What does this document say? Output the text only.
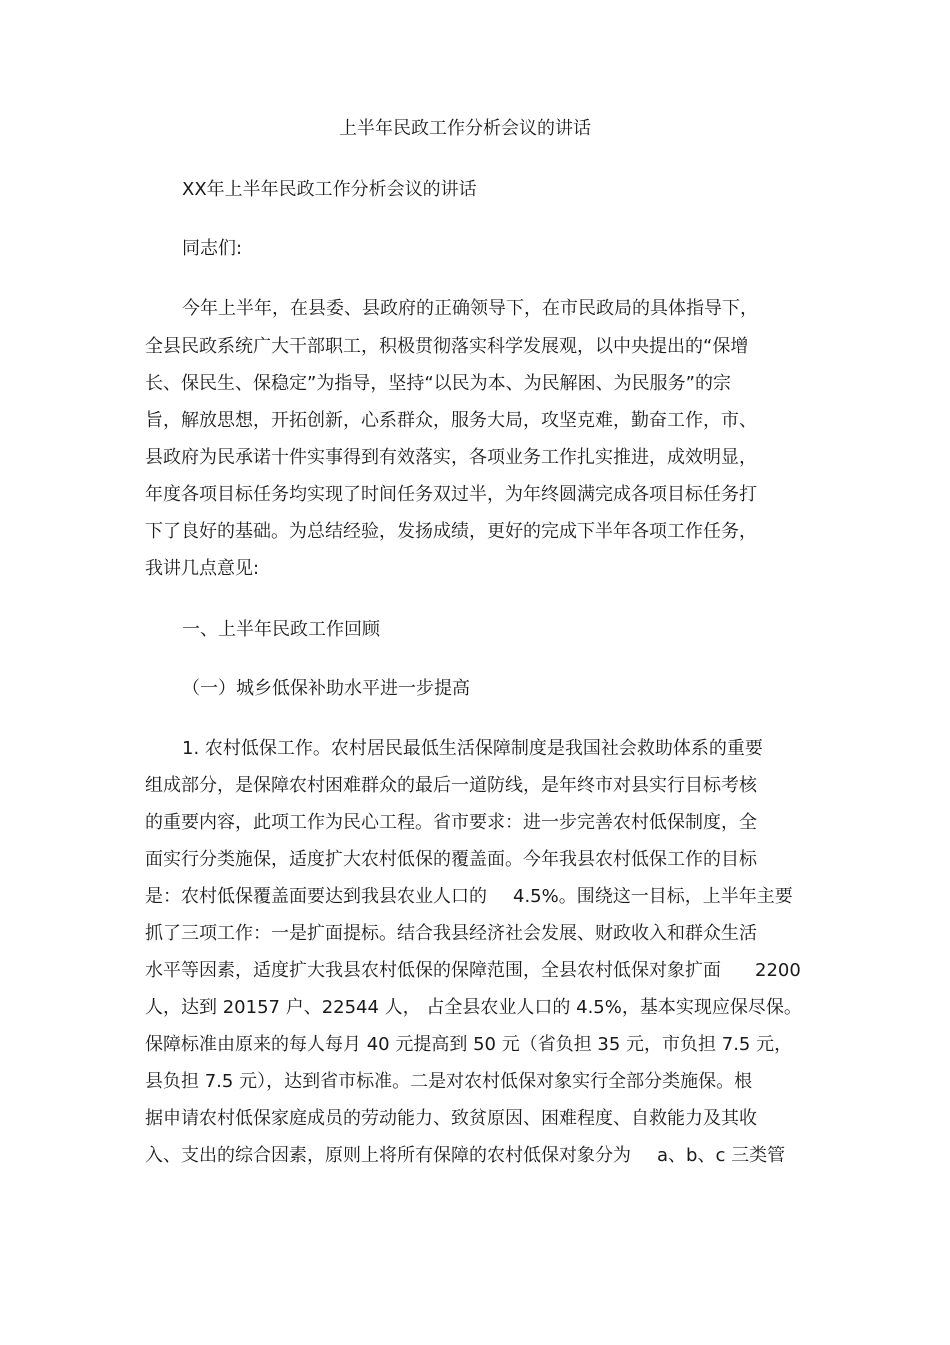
上半年民政工作分析会议的讲话
XX年上半年民政工作分析会议的讲话
同志们:
今年上半年，在县委、县政府的正确领导下，在市民政局的具体指导下，
全县民政系统广大干部职工，积极贯彻落实科学发展观，以中央提出的“保增
长、保民生、保稳定”为指导，坚持“以民为本、为民解困、为民服务”的宗
旨，解放思想，开拓创新，心系群众，服务大局，攻坚克难，勤奋工作，市、
县政府为民承诺十件实事得到有效落实，各项业务工作扎实推进，成效明显，
年度各项目标任务均实现了时间任务双过半，为年终圆满完成各项目标任务打
下了良好的基础。为总结经验，发扬成绩，更好的完成下半年各项工作任务，
我讲几点意见:
一、上半年民政工作回顾
（一）城乡低保补助水平进一步提高
1. 农村低保工作。农村居民最低生活保障制度是我国社会救助体系的重要
组成部分，是保障农村困难群众的最后一道防线，是年终市对县实行目标考核
的重要内容，此项工作为民心工程。省市要求：进一步完善农村低保制度，全
面实行分类施保，适度扩大农村低保的覆盖面。今年我县农村低保工作的目标
是：农村低保覆盖面要达到我县农业人口的 4.5%。围绕这一目标，上半年主要
抓了三项工作：一是扩面提标。结合我县经济社会发展、财政收入和群众生活
水平等因素，适度扩大我县农村低保的保障范围，全县农村低保对象扩面 2200
人，达到 20157 户、22544 人， 占全县农业人口的 4.5%，基本实现应保尽保。
保障标准由原来的每人每月 40 元提高到 50 元（省负担 35 元，市负担 7.5 元，
县负担 7.5 元），达到省市标准。二是对农村低保对象实行全部分类施保。根
据申请农村低保家庭成员的劳动能力、致贫原因、困难程度、自救能力及其收
入、支出的综合因素，原则上将所有保障的农村低保对象分为 a、b、c 三类管
